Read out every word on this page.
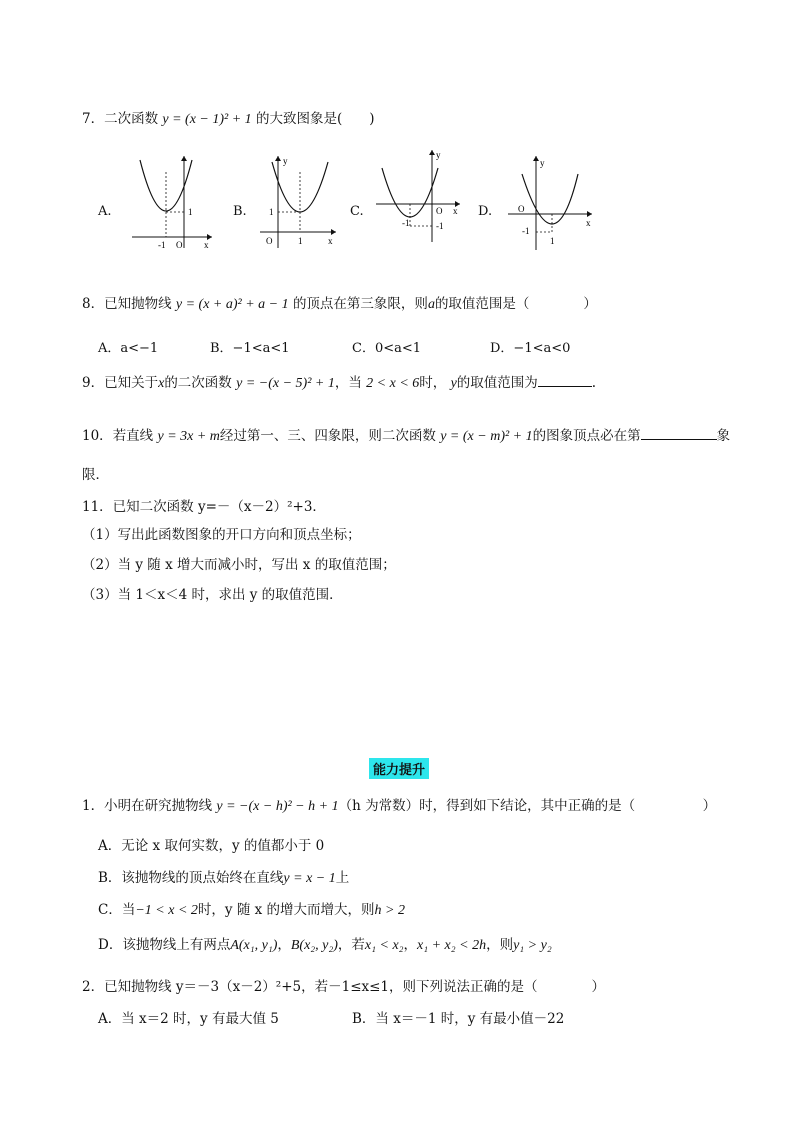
7．二次函数 y = (x − 1)² + 1 的大致图象是(　　)
A.
-1 O
1
x
B.
y
1
O	1	x
C.
y
O x
-1	-1
D.
y
O
x
-1
1
8．已知抛物线 y = (x + a)² + a − 1 的顶点在第三象限，则a的取值范围是（　　　　）
A．a<−1	B．−1<a<1	C．0<a<1	D．−1<a<0
9．已知关于x的二次函数 y = −(x − 5)² + 1，当 2 < x < 6时， y的取值范围为	.
10．若直线 y = 3x + m经过第一、三、四象限，则二次函数 y = (x − m)² + 1的图象顶点必在第	象
限．
11．已知二次函数 y=－（x－2）²+3．
（1）写出此函数图象的开口方向和顶点坐标；
（2）当 y 随 x 增大而减小时，写出 x 的取值范围；
（3）当 1＜x＜4 时，求出 y 的取值范围．
能力提升
1．小明在研究抛物线 y = −(x − h)² − h + 1（h 为常数）时，得到如下结论，其中正确的是（　　　　　）
A．无论 x 取何实数，y 的值都小于 0
B．该抛物线的顶点始终在直线y = x − 1上
C．当−1 < x < 2时，y 随 x 的增大而增大，则h > 2
D．该抛物线上有两点A(x₁, y₁)，B(x₂, y₂)，若x₁ < x₂，x₁ + x₂ < 2h，则y₁ > y₂
2．已知抛物线 y＝－3（x－2）²+5，若－1≤x≤1，则下列说法正确的是（　　　　）
A．当 x＝2 时，y 有最大值 5	B．当 x＝－1 时，y 有最小值－22
